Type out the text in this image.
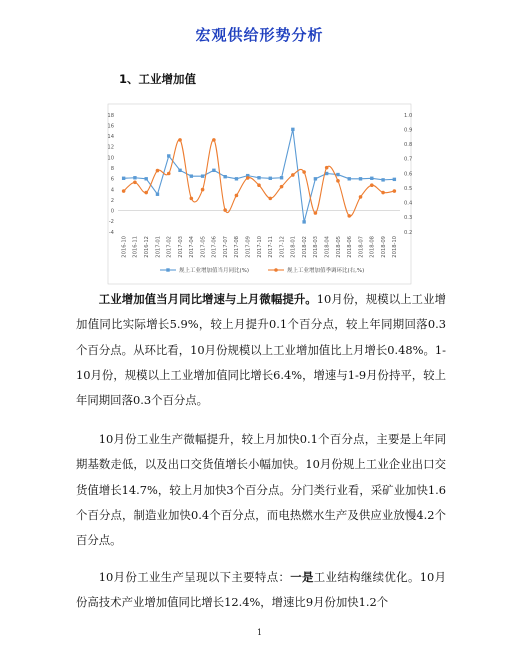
宏观供给形势分析
1、工业增加值
-4
-2
0
2
4
6
8
10
12
14
16
18
0.2
0.3
0.4
0.5
0.6
0.7
0.8
0.9
1.0
2016-10 2016-11 2016-12 2017-01 2017-02 2017-03 2017-04 2017-05 2017-06 2017-07 2017-08 2017-09 2017-10 2017-11 2017-12 2018-01 2018-02 2018-03 2018-04 2018-05 2018-06 2018-07 2018-08 2018-09 2018-10
规上工业增加值当月同比(%)	规上工业增加值季调环比(右,%)

工业增加值当月同比增速与上月微幅提升。10月份，规模以上工业增加值同比实际增长5.9%，较上月提升0.1个百分点，较上年同期回落0.3个百分点。从环比看，10月份规模以上工业增加值比上月增长0.48%。1-10月份，规模以上工业增加值同比增长6.4%，增速与1-9月份持平，较上年同期回落0.3个百分点。

10月份工业生产微幅提升，较上月加快0.1个百分点，主要是上年同期基数走低，以及出口交货值增长小幅加快。10月份规上工业企业出口交货值增长14.7%，较上月加快3个百分点。分门类行业看，采矿业加快1.6个百分点，制造业加快0.4个百分点，而电热燃水生产及供应业放慢4.2个百分点。

10月份工业生产呈现以下主要特点：一是工业结构继续优化。10月份高技术产业增加值同比增长12.4%，增速比9月份加快1.2个

1
